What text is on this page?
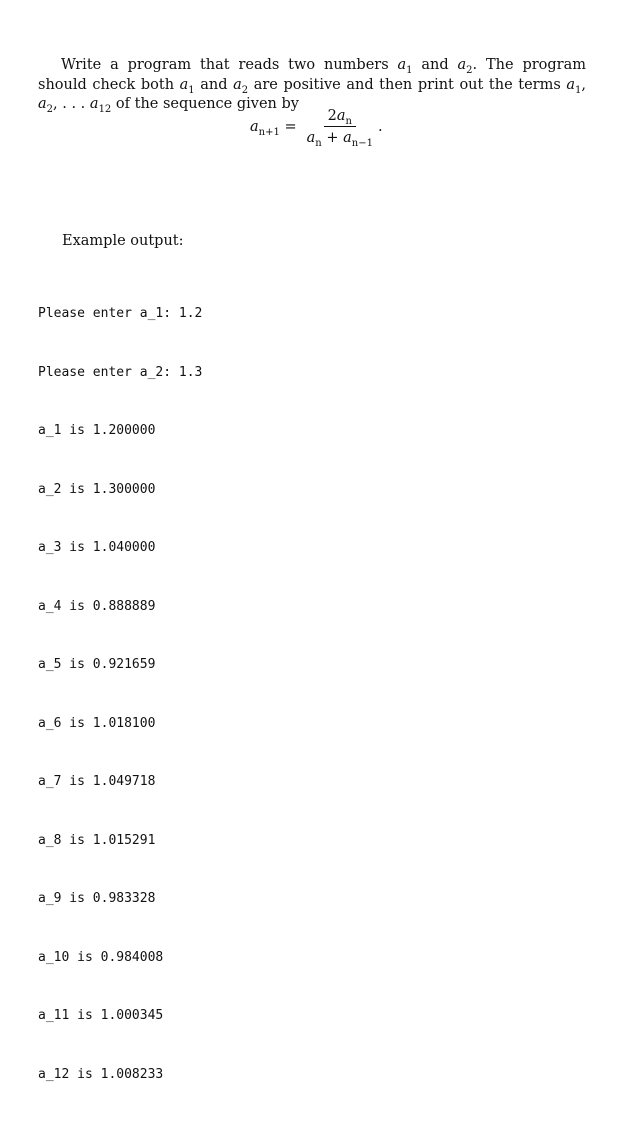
Write a program that reads two numbers $a_1$ and $a_2$. The program should check both $a_1$ and $a_2$ are positive and then print out the terms $a_1$, $a_2$, . . . $a_{12}$ of the sequence given by
$a_{n+1} = \frac{2a_n}{a_n + a_{n-1}}$ .
Example output:

Please enter a_1: 1.2

Please enter a_2: 1.3

a_1 is 1.200000

a_2 is 1.300000

a_3 is 1.040000

a_4 is 0.888889

a_5 is 0.921659

a_6 is 1.018100

a_7 is 1.049718

a_8 is 1.015291

a_9 is 0.983328

a_10 is 0.984008

a_11 is 1.000345

a_12 is 1.008233
